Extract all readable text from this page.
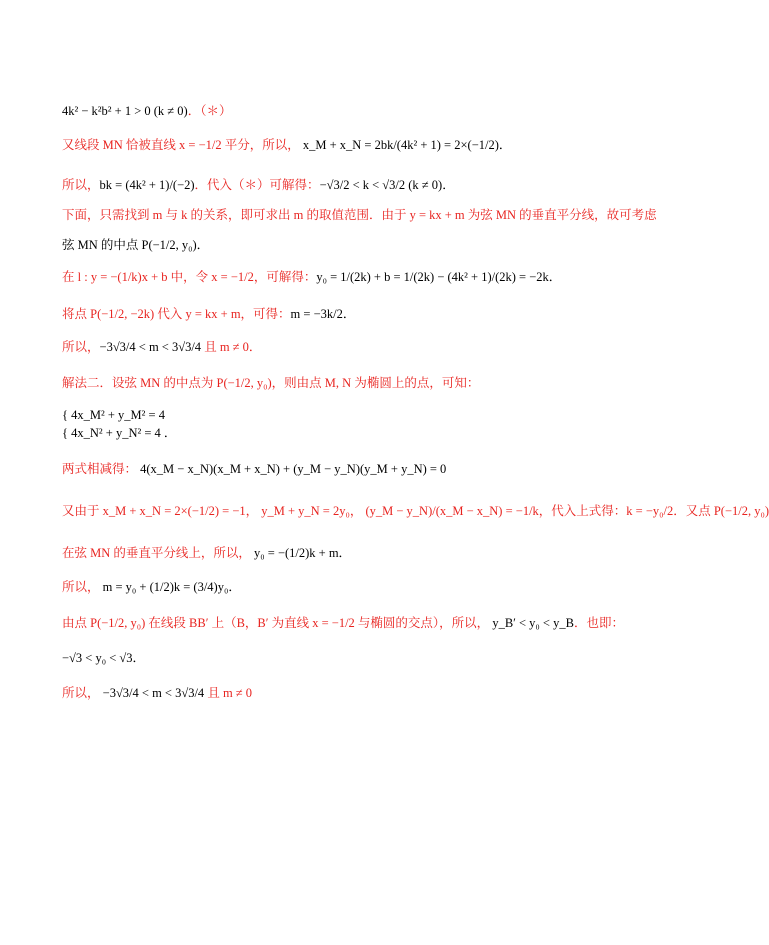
4k² − k²b² + 1 > 0 (k ≠ 0)．（＊）
又线段 MN 恰被直线 x = −1/2 平分，所以， x_M + x_N = 2bk/(4k² + 1) = 2×(−1/2)．
所以，bk = (4k² + 1)/(−2)．代入（＊）可解得：−√3/2 < k < √3/2 (k ≠ 0)．
下面，只需找到 m 与 k 的关系，即可求出 m 的取值范围．由于 y = kx + m 为弦 MN 的垂直平分线，故可考虑
弦 MN 的中点 P(−1/2, y₀)．
在 l : y = −(1/k)x + b 中，令 x = −1/2，可解得：y₀ = 1/(2k) + b = 1/(2k) − (4k² + 1)/(2k) = −2k．
将点 P(−1/2, −2k) 代入 y = kx + m，可得：m = −3k/2．
所以，−3√3/4 < m < 3√3/4 且 m ≠ 0．
解法二．设弦 MN 的中点为 P(−1/2, y₀)，则由点 M, N 为椭圆上的点，可知：
{ 4x_M² + y_M² = 4
{ 4x_N² + y_N² = 4 ．
两式相减得： 4(x_M − x_N)(x_M + x_N) + (y_M − y_N)(y_M + y_N) = 0
又由于 x_M + x_N = 2×(−1/2) = −1， y_M + y_N = 2y₀， (y_M − y_N)/(x_M − x_N) = −1/k，代入上式得：k = −y₀/2．又点 P(−1/2, y₀)
在弦 MN 的垂直平分线上，所以， y₀ = −(1/2)k + m．
所以， m = y₀ + (1/2)k = (3/4)y₀．
由点 P(−1/2, y₀) 在线段 BB′ 上（B，B′ 为直线 x = −1/2 与椭圆的交点），所以， y_B′ < y₀ < y_B．也即：
−√3 < y₀ < √3．
所以， −3√3/4 < m < 3√3/4 且 m ≠ 0
